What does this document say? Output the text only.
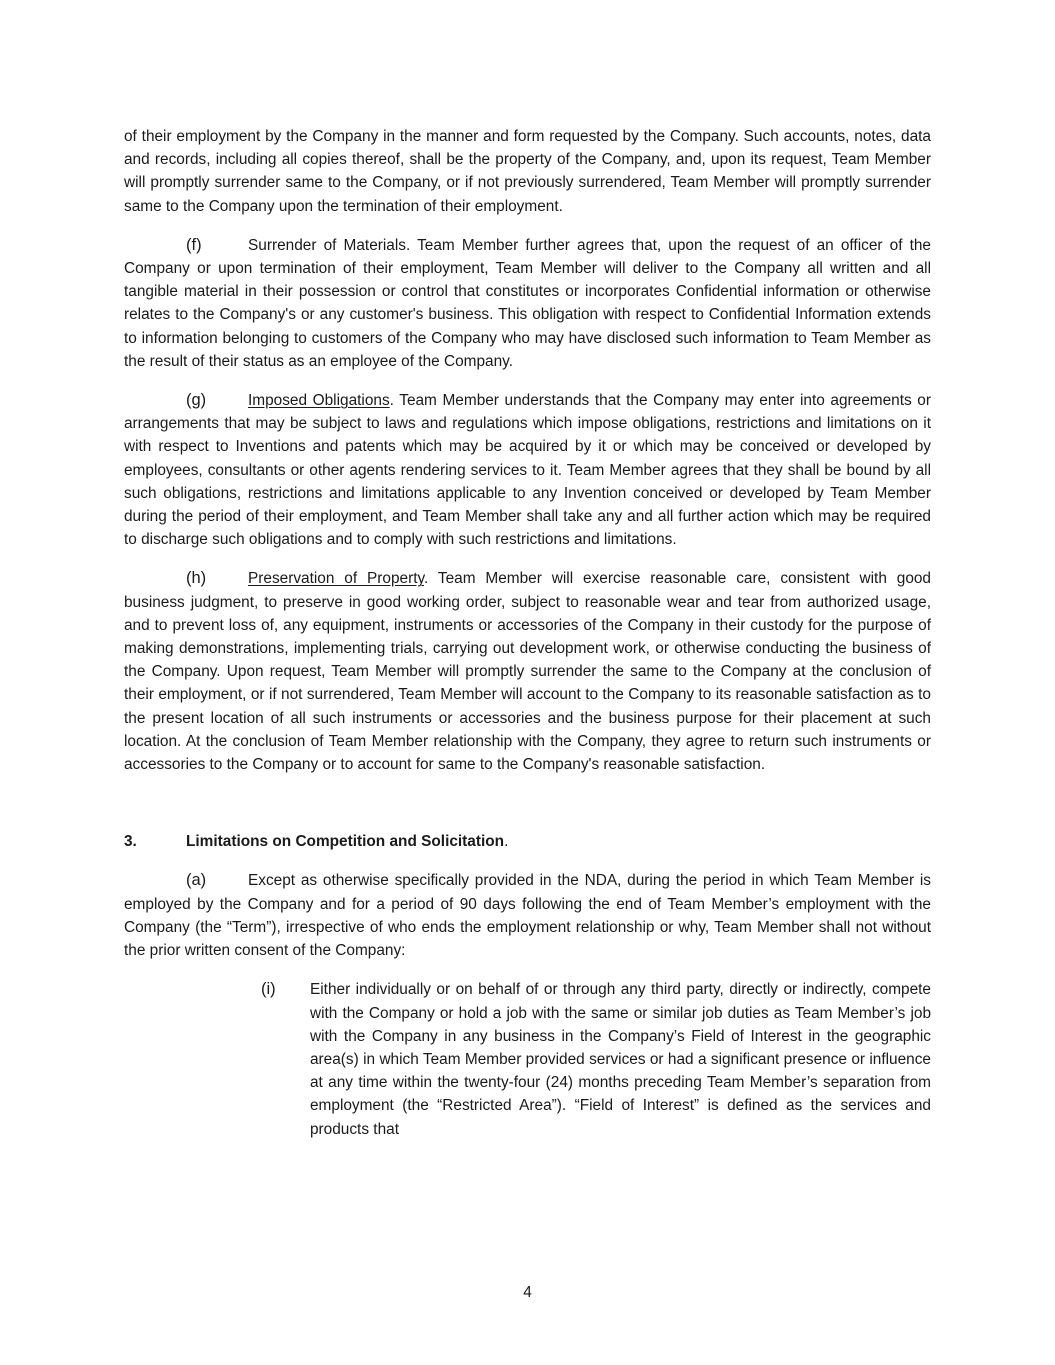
of their employment by the Company in the manner and form requested by the Company. Such accounts, notes, data and records, including all copies thereof, shall be the property of the Company, and, upon its request, Team Member will promptly surrender same to the Company, or if not previously surrendered, Team Member will promptly surrender same to the Company upon the termination of their employment.

(f)	Surrender of Materials. Team Member further agrees that, upon the request of an officer of the Company or upon termination of their employment, Team Member will deliver to the Company all written and all tangible material in their possession or control that constitutes or incorporates Confidential information or otherwise relates to the Company's or any customer's business. This obligation with respect to Confidential Information extends to information belonging to customers of the Company who may have disclosed such information to Team Member as the result of their status as an employee of the Company.

(g)	Imposed Obligations. Team Member understands that the Company may enter into agreements or arrangements that may be subject to laws and regulations which impose obligations, restrictions and limitations on it with respect to Inventions and patents which may be acquired by it or which may be conceived or developed by employees, consultants or other agents rendering services to it. Team Member agrees that they shall be bound by all such obligations, restrictions and limitations applicable to any Invention conceived or developed by Team Member during the period of their employment, and Team Member shall take any and all further action which may be required to discharge such obligations and to comply with such restrictions and limitations.

(h)	Preservation of Property. Team Member will exercise reasonable care, consistent with good business judgment, to preserve in good working order, subject to reasonable wear and tear from authorized usage, and to prevent loss of, any equipment, instruments or accessories of the Company in their custody for the purpose of making demonstrations, implementing trials, carrying out development work, or otherwise conducting the business of the Company. Upon request, Team Member will promptly surrender the same to the Company at the conclusion of their employment, or if not surrendered, Team Member will account to the Company to its reasonable satisfaction as to the present location of all such instruments or accessories and the business purpose for their placement at such location. At the conclusion of Team Member relationship with the Company, they agree to return such instruments or accessories to the Company or to account for same to the Company's reasonable satisfaction.

3.	Limitations on Competition and Solicitation.

(a)	Except as otherwise specifically provided in the NDA, during the period in which Team Member is employed by the Company and for a period of 90 days following the end of Team Member’s employment with the Company (the “Term”), irrespective of who ends the employment relationship or why, Team Member shall not without the prior written consent of the Company:

(i) Either individually or on behalf of or through any third party, directly or indirectly, compete with the Company or hold a job with the same or similar job duties as Team Member’s job with the Company in any business in the Company’s Field of Interest in the geographic area(s) in which Team Member provided services or had a significant presence or influence at any time within the twenty-four (24) months preceding Team Member’s separation from employment (the “Restricted Area”). “Field of Interest” is defined as the services and products that

4
